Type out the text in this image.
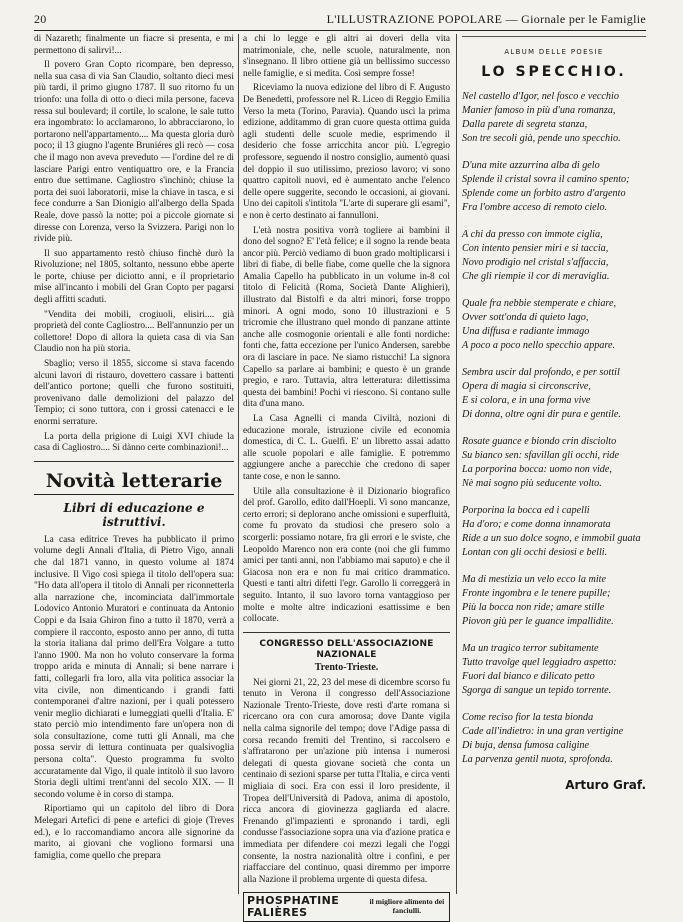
20	L'ILLUSTRAZIONE POPOLARE — Giornale per le Famiglie

di Nazareth; finalmente un fiacre si presenta, e mi permettono di salirvi!...

Il povero Gran Copto ricompare, ben depresso, nella sua casa di via San Claudio, soltanto dieci mesi più tardi, il primo giugno 1787. Il suo ritorno fu un trionfo: una folla di otto o dieci mila persone, faceva ressa sul boulevard; il cortile, lo scalone, le sale tutto era ingombrato: lo acclamarono, lo abbracciarono, lo portarono nell'appartamento.... Ma questa gloria durò poco; il 13 giugno l'agente Bruniéres gli recò — cosa che il mago non aveva preveduto — l'ordine del re di lasciare Parigi entro ventiquattro ore, e la Francia entro due settimane. Cagliostro s'inchinò; chiuse la porta dei suoi laboratorii, mise la chiave in tasca, e si fece condurre a San Dionigio all'albergo della Spada Reale, dove passò la notte; poi a piccole giornate si diresse con Lorenza, verso la Svizzera. Parigi non lo rivide più.

Il suo appartamento restò chiuso finchè durò la Rivoluzione; nel 1805, soltanto, nessuno ebbe aperte le porte, chiuse per diciotto anni, e il proprietario mise all'incanto i mobili del Gran Copto per pagarsi degli affitti scaduti.

"Vendita dei mobili, crogiuoli, elisiri.... già proprietà del conte Cagliostro.... Bell'annunzio per un collettore! Dopo di allora la quieta casa di via San Claudio non ha più storia.

Sbaglio; verso il 1855, siccome si stava facendo alcuni lavori di ristauro, dovettero cassare i battenti dell'antico portone; quelli che furono sostituiti, provenivano dalle demolizioni del palazzo del Tempio; ci sono tuttora, con i grossi catenacci e le enormi serrature.

La porta della prigione di Luigi XVI chiude la casa di Cagliostro.... Si dànno certe combinazioni!...

Novità letterarie
Libri di educazione e istruttivi.

La casa editrice Treves ha pubblicato il primo volume degli Annali d'Italia, di Pietro Vigo, annali che dal 1871 vanno, in questo volume al 1874 inclusive. Il Vigo così spiega il titolo dell'opera sua: "Ho data all'opera il titolo di Annali per riconnetterla alla narrazione che, incominciata dall'immortale Lodovico Antonio Muratori e continuata da Antonio Coppi e da Isaia Ghiron fino a tutto il 1870, verrà a compiere il racconto, esposto anno per anno, di tutta la storia italiana dal primo dell'Era Volgare a tutto l'anno 1900. Ma non ho voluto conservare la forma troppo arida e minuta di Annali; si bene narrare i fatti, collegarli fra loro, alla vita politica associar la vita civile, non dimenticando i grandi fatti contemporanei d'altre nazioni, per i quali potessero venir meglio dichiarati e lumeggiati quelli d'Italia. E' stato perciò mio intendimento fare un'opera non di sola consultazione, come tutti gli Annali, ma che possa servir di lettura continuata per qualsivoglia persona colta". Questo programma fu svolto accuratamente dal Vigo, il quale intitolò il suo lavoro Storia degli ultimi trent'anni del secolo XIX. — Il secondo volume è in corso di stampa.

Riportiamo qui un capitolo del libro di Dora Melegari Artefici di pene e artefici di gioje (Treves ed.), e lo raccomandiamo ancora alle signorine da marito, ai giovani che vogliono formarsi una famiglia, come quello che prepara

a chi lo legge e gli altri ai doveri della vita matrimoniale, che, nelle scuole, naturalmente, non s'insegnano. Il libro ottiene già un bellissimo successo nelle famiglie, e si medita. Così sempre fosse!

Riceviamo la nuova edizione del libro di F. Augusto De Benedetti, professore nel R. Liceo di Reggio Emilia Verso la meta (Torino, Paravia). Quando uscì la prima edizione, additammo di gran cuore questa ottima guida agli studenti delle scuole medie, esprimendo il desiderio che fosse arricchita ancor più. L'egregio professore, seguendo il nostro consiglio, aumentò quasi del doppio il suo utilissimo, prezioso lavoro; vi sono quattro capitoli nuovi, ed è aumentato anche l'elenco delle opere suggerite, secondo le occasioni, ai giovani. Uno dei capitoli s'intitola "L'arte di superare gli esami", e non è certo destinato ai fannulloni.

L'età nostra positiva vorrà togliere ai bambini il dono del sogno? E' l'età felice; e il sogno la rende beata ancor più. Perciò vediamo di buon grado moltiplicarsi i libri di fiabe, di belle fiabe, come quelle che la signora Amalia Capello ha pubblicato in un volume in-8 col titolo di Felicità (Roma, Società Dante Alighieri), illustrato dal Bistolfi e da altri minori, forse troppo minori. A ogni modo, sono 10 illustrazioni e 5 tricromie che illustrano quel mondo di panzane attinte anche alle cosmogonie orientali e alle fonti nordiche: fonti che, fatta eccezione per l'unico Andersen, sarebbe ora di lasciare in pace. Ne siamo ristucchi! La signora Capello sa parlare ai bambini; e questo è un grande pregio, e raro. Tuttavia, altra letteratura: dilettissima questa dei bambini! Pochi vi riescono. Si contano sulle dita d'una mano.

La Casa Agnelli ci manda Civiltà, nozioni di educazione morale, istruzione civile ed economia domestica, di C. L. Guelfi. E' un libretto assai adatto alle scuole popolari e alle famiglie. E potremmo aggiungere anche a parecchie che credono di saper tante cose, e non le sanno.

Utile alla consultazione è il Dizionario biografico del prof. Garollo, edito dall'Hoepli. Vi sono mancanze, certo errori; si deplorano anche omissioni e superfluità, come fu provato da studiosi che presero solo a scorgerli: possiamo notare, fra gli errori e le sviste, che Leopoldo Marenco non era conte (noi che gli fummo amici per tanti anni, non l'abbiamo mai saputo) e che il Giacosa non era e non fu mai critico drammatico. Questi e tanti altri difetti l'egr. Garollo li correggerà in seguito. Intanto, il suo lavoro torna vantaggioso per molte e molte altre indicazioni esattissime e ben collocate.

CONGRESSO DELL'ASSOCIAZIONE NAZIONALE
Trento-Trieste.

Nei giorni 21, 22, 23 del mese di dicembre scorso fu tenuto in Verona il congresso dell'Associazione Nazionale Trento-Trieste, dove restì d'arte romana si ricercano ora con cura amorosa; dove Dante vigila nella calma signorile del tempo; dove l'Adige passa di corsa recando fremiti del Trentino, si raccolsero e s'affratarono per un'azione più intensa i numerosi delegati di questa giovane società che conta un centinaio di sezioni sparse per tutta l'Italia, e circa venti migliaia di soci. Era con essi il loro presidente, il Tropea dell'Università di Padova, anima di apostolo, ricca ancora di giovinezza gagliarda ed alacre. Frenando gl'impazienti e spronando i tardi, egli condusse l'associazione sopra una via d'azione pratica e immediata per difendere coi mezzi legali che l'oggi consente, la nostra nazionalità oltre i confini, e per riaffacciare del continuo, quasi diremmo per imporre alla Nazione il problema urgente di questa difesa.

PHOSPHATINE FALIÈRES
il migliore alimento dei fanciulli.
ALBUM DELLE POESIE
LO SPECCHIO.
Nel castello d'Igor, nel fosco e vecchio
Manier famoso in più d'una romanza,
Dalla parete di segreta stanza,
Son tre secoli già, pende uno specchio.
D'una mite azzurrina alba di gelo
Splende il cristal sovra il camino spento;
Splende come un forbito astro d'argento
Fra l'ombre acceso di remoto cielo.
A chi da presso con immote ciglia,
Con intento pensier miri e si taccia,
Novo prodigio nel cristal s'affaccia,
Che gli riempie il cor di meraviglia.
Quale fra nebbie stemperate e chiare,
Ovver sott'onda di quieto lago,
Una diffusa e radiante immago
A poco a poco nello specchio appare.
Sembra uscir dal profondo, e per sottil
Opera di magia si circonscrive,
E si colora, e in una forma vive
Di donna, oltre ogni dir pura e gentile.
Rosate guance e biondo crin disciolto
Su bianco sen: sfavillan gli occhi, ride
La porporina bocca: uomo non vide,
Nè mai sogno più seducente volto.
Porporina la bocca ed i capelli
Ha d'oro; e come donna innamorata
Ride a un suo dolce sogno, e immobil guata
Lontan con gli occhi desiosi e belli.
Ma di mestizia un velo ecco la mite
Fronte ingombra e le tenere pupille;
Più la bocca non ride; amare stille
Piovon giù per le guance impallidite.
Ma un tragico terror subitamente
Tutto travolge quel leggiadro aspetto:
Fuori dal bianco e dilicato petto
Sgorga di sangue un tepido torrente.
Come reciso fior la testa bionda
Cade all'indietro: in una gran vertigine
Di buja, densa fumosa caligine
La parvenza gentil nuota, sprofonda.
Arturo Graf.
